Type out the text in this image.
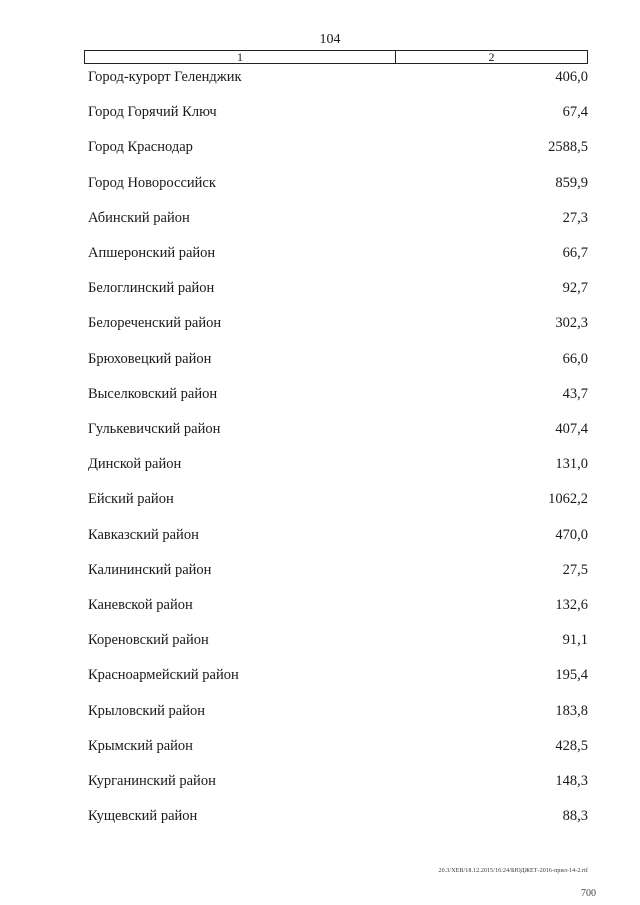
104
1	2
Город-курорт Геленджик	406,0
Город Горячий Ключ	67,4
Город Краснодар	2588,5
Город Новороссийск	859,9
Абинский район	27,3
Апшеронский район	66,7
Белоглинский район	92,7
Белореченский район	302,3
Брюховецкий район	66,0
Выселковский район	43,7
Гулькевичский район	407,4
Динской район	131,0
Ейский район	1062,2
Кавказский район	470,0
Калининский район	27,5
Каневской район	132,6
Кореновский район	91,1
Красноармейский район	195,4
Крыловский район	183,8
Крымский район	428,5
Курганинский район	148,3
Кущевский район	88,3
20.3/ХЕВ/18.12.2015/16:24/БЮДЖЕТ-2016-прил-14-2.rtf
700
